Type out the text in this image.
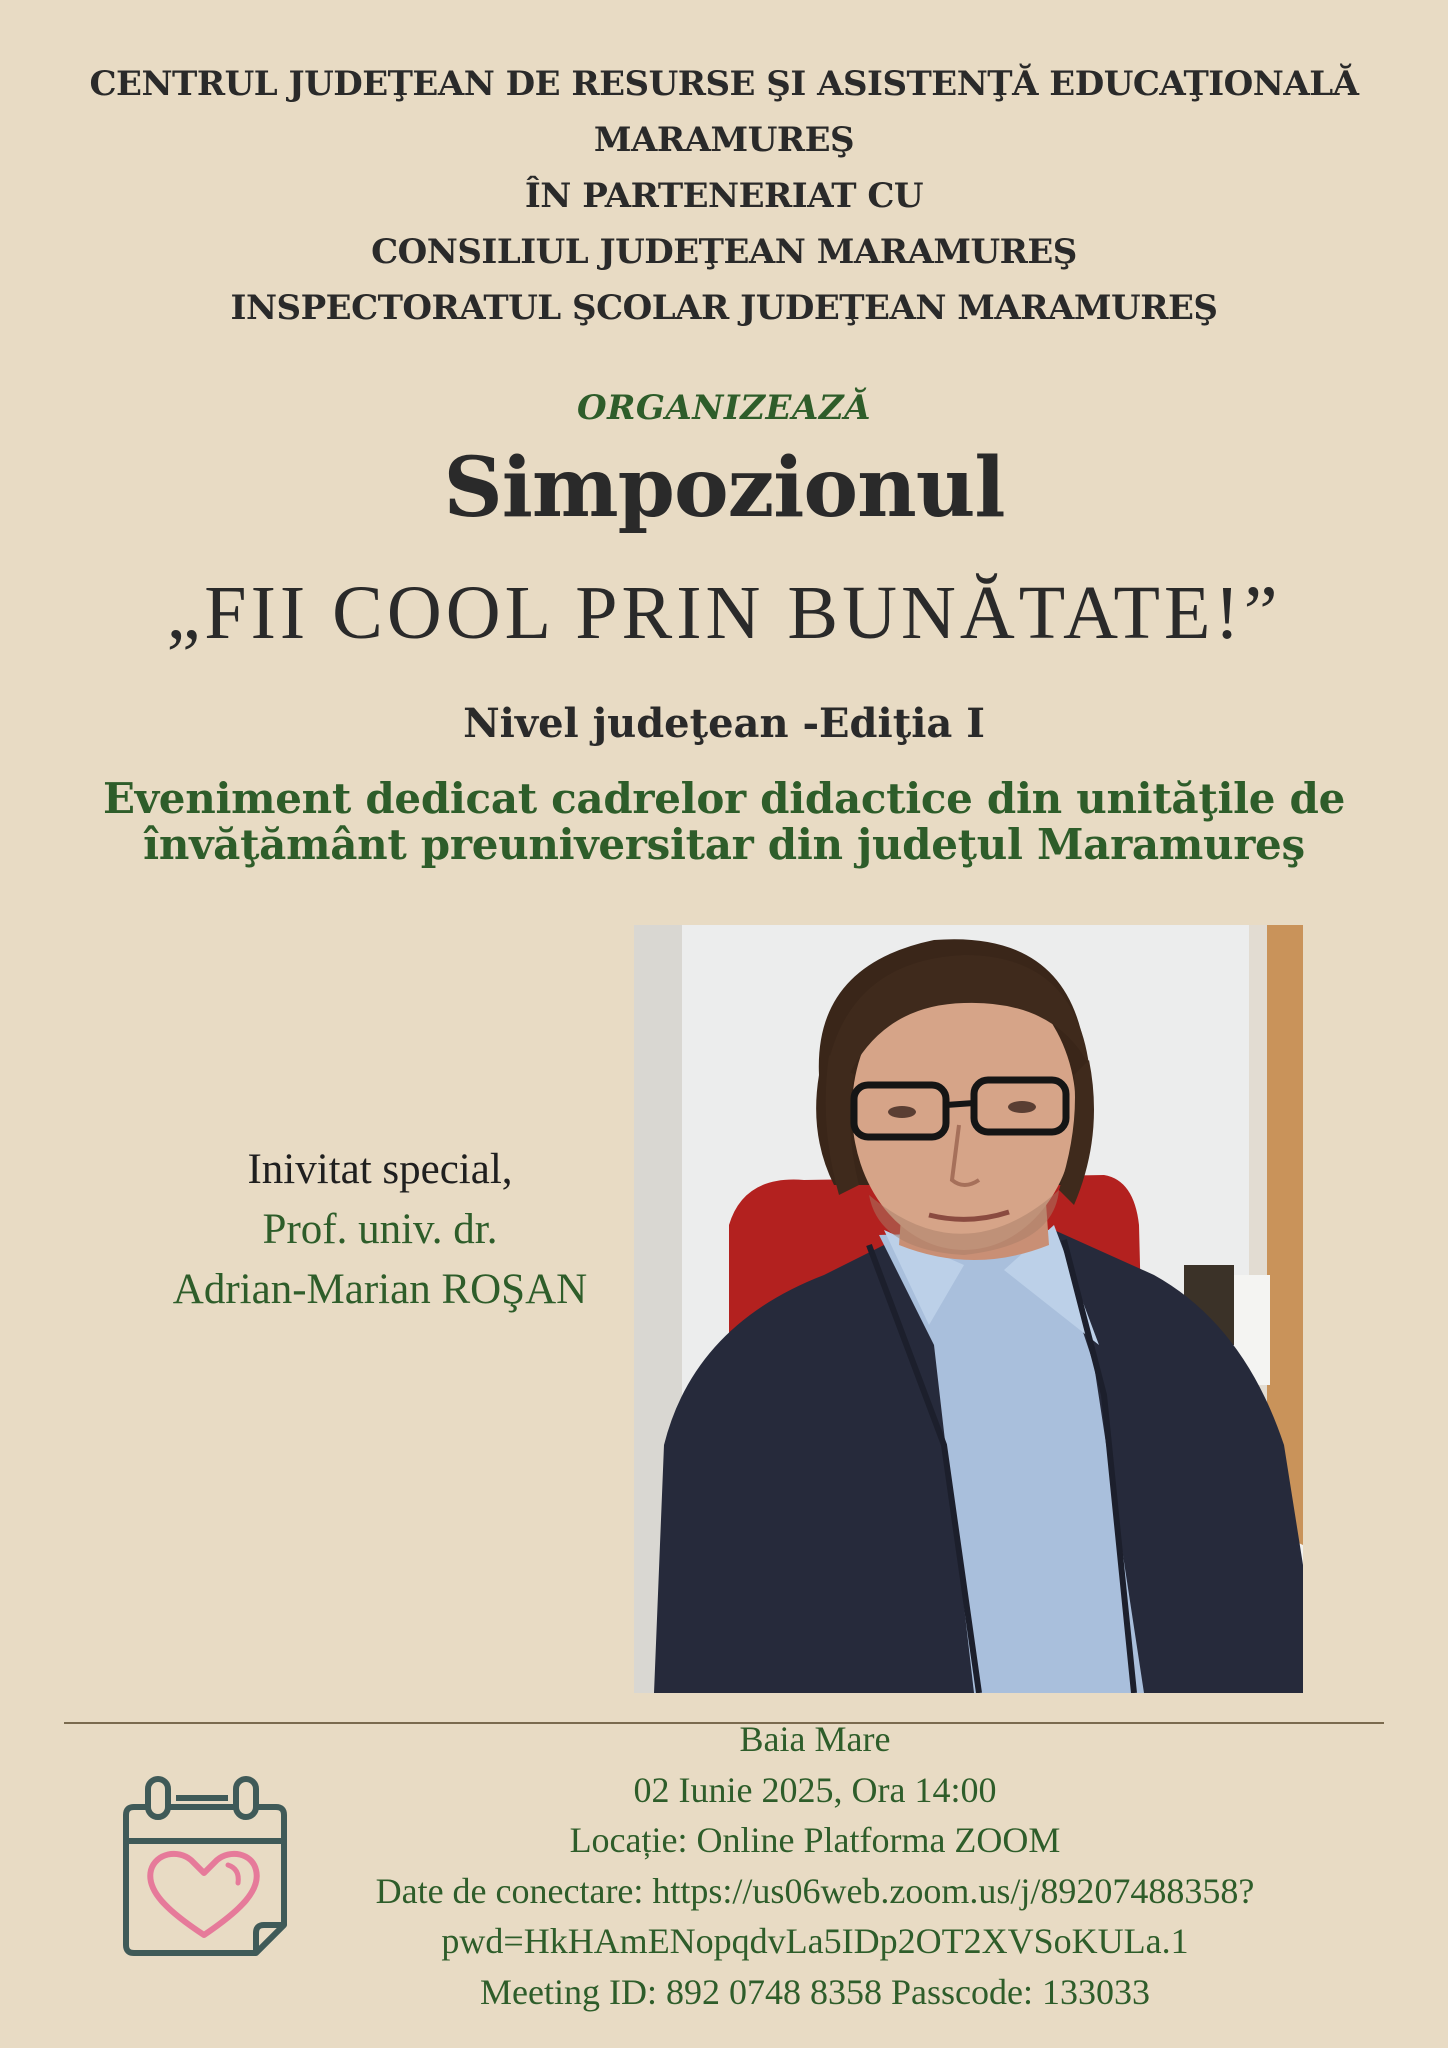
CENTRUL JUDEŢEAN DE RESURSE ŞI ASISTENŢĂ EDUCAŢIONALĂ
MARAMUREŞ
ÎN PARTENERIAT CU
CONSILIUL JUDEŢEAN MARAMUREŞ
INSPECTORATUL ŞCOLAR JUDEŢEAN MARAMUREŞ
ORGANIZEAZĂ
Simpozionul
„FII COOL PRIN BUNĂTATE!”
Nivel judeţean -Ediţia I
Eveniment dedicat cadrelor didactice din unităţile de
învăţământ preuniversitar din judeţul Maramureş
Inivitat special,
Prof. univ. dr.
Adrian-Marian ROŞAN
Baia Mare
02 Iunie 2025, Ora 14:00
Locație: Online Platforma ZOOM
Date de conectare: https://us06web.zoom.us/j/89207488358?
pwd=HkHAmENopqdvLa5IDp2OT2XVSoKULa.1
Meeting ID: 892 0748 8358 Passcode: 133033
